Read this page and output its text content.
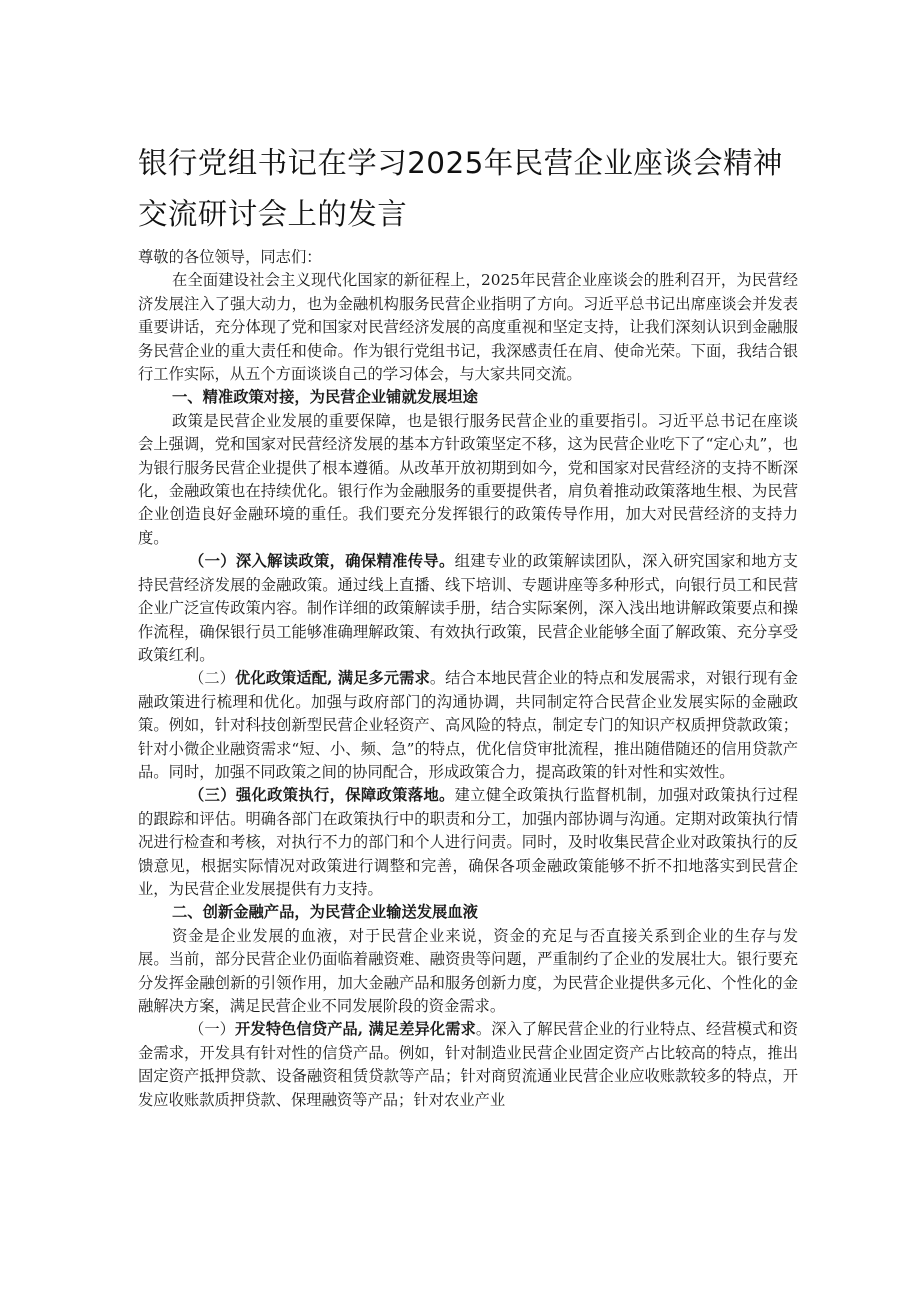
银行党组书记在学习2025年民营企业座谈会精神交流研讨会上的发言

尊敬的各位领导，同志们：

在全面建设社会主义现代化国家的新征程上，2025年民营企业座谈会的胜利召开，为民营经济发展注入了强大动力，也为金融机构服务民营企业指明了方向。习近平总书记出席座谈会并发表重要讲话，充分体现了党和国家对民营经济发展的高度重视和坚定支持，让我们深刻认识到金融服务民营企业的重大责任和使命。作为银行党组书记，我深感责任在肩、使命光荣。下面，我结合银行工作实际，从五个方面谈谈自己的学习体会，与大家共同交流。

一、精准政策对接，为民营企业铺就发展坦途

政策是民营企业发展的重要保障，也是银行服务民营企业的重要指引。习近平总书记在座谈会上强调，党和国家对民营经济发展的基本方针政策坚定不移，这为民营企业吃下了“定心丸”，也为银行服务民营企业提供了根本遵循。从改革开放初期到如今，党和国家对民营经济的支持不断深化，金融政策也在持续优化。银行作为金融服务的重要提供者，肩负着推动政策落地生根、为民营企业创造良好金融环境的重任。我们要充分发挥银行的政策传导作用，加大对民营经济的支持力度。

（一）深入解读政策，确保精准传导。组建专业的政策解读团队，深入研究国家和地方支持民营经济发展的金融政策。通过线上直播、线下培训、专题讲座等多种形式，向银行员工和民营企业广泛宣传政策内容。制作详细的政策解读手册，结合实际案例，深入浅出地讲解政策要点和操作流程，确保银行员工能够准确理解政策、有效执行政策，民营企业能够全面了解政策、充分享受政策红利。

（二）优化政策适配, 满足多元需求。结合本地民营企业的特点和发展需求，对银行现有金融政策进行梳理和优化。加强与政府部门的沟通协调，共同制定符合民营企业发展实际的金融政策。例如，针对科技创新型民营企业轻资产、高风险的特点，制定专门的知识产权质押贷款政策；针对小微企业融资需求“短、小、频、急”的特点，优化信贷审批流程，推出随借随还的信用贷款产品。同时，加强不同政策之间的协同配合，形成政策合力，提高政策的针对性和实效性。

（三）强化政策执行，保障政策落地。建立健全政策执行监督机制，加强对政策执行过程的跟踪和评估。明确各部门在政策执行中的职责和分工，加强内部协调与沟通。定期对政策执行情况进行检查和考核，对执行不力的部门和个人进行问责。同时，及时收集民营企业对政策执行的反馈意见，根据实际情况对政策进行调整和完善，确保各项金融政策能够不折不扣地落实到民营企业，为民营企业发展提供有力支持。

二、创新金融产品，为民营企业输送发展血液

资金是企业发展的血液，对于民营企业来说，资金的充足与否直接关系到企业的生存与发展。当前，部分民营企业仍面临着融资难、融资贵等问题，严重制约了企业的发展壮大。银行要充分发挥金融创新的引领作用，加大金融产品和服务创新力度，为民营企业提供多元化、个性化的金融解决方案，满足民营企业不同发展阶段的资金需求。

（一）开发特色信贷产品, 满足差异化需求。深入了解民营企业的行业特点、经营模式和资金需求，开发具有针对性的信贷产品。例如，针对制造业民营企业固定资产占比较高的特点，推出固定资产抵押贷款、设备融资租赁贷款等产品；针对商贸流通业民营企业应收账款较多的特点，开发应收账款质押贷款、保理融资等产品；针对农业产业
